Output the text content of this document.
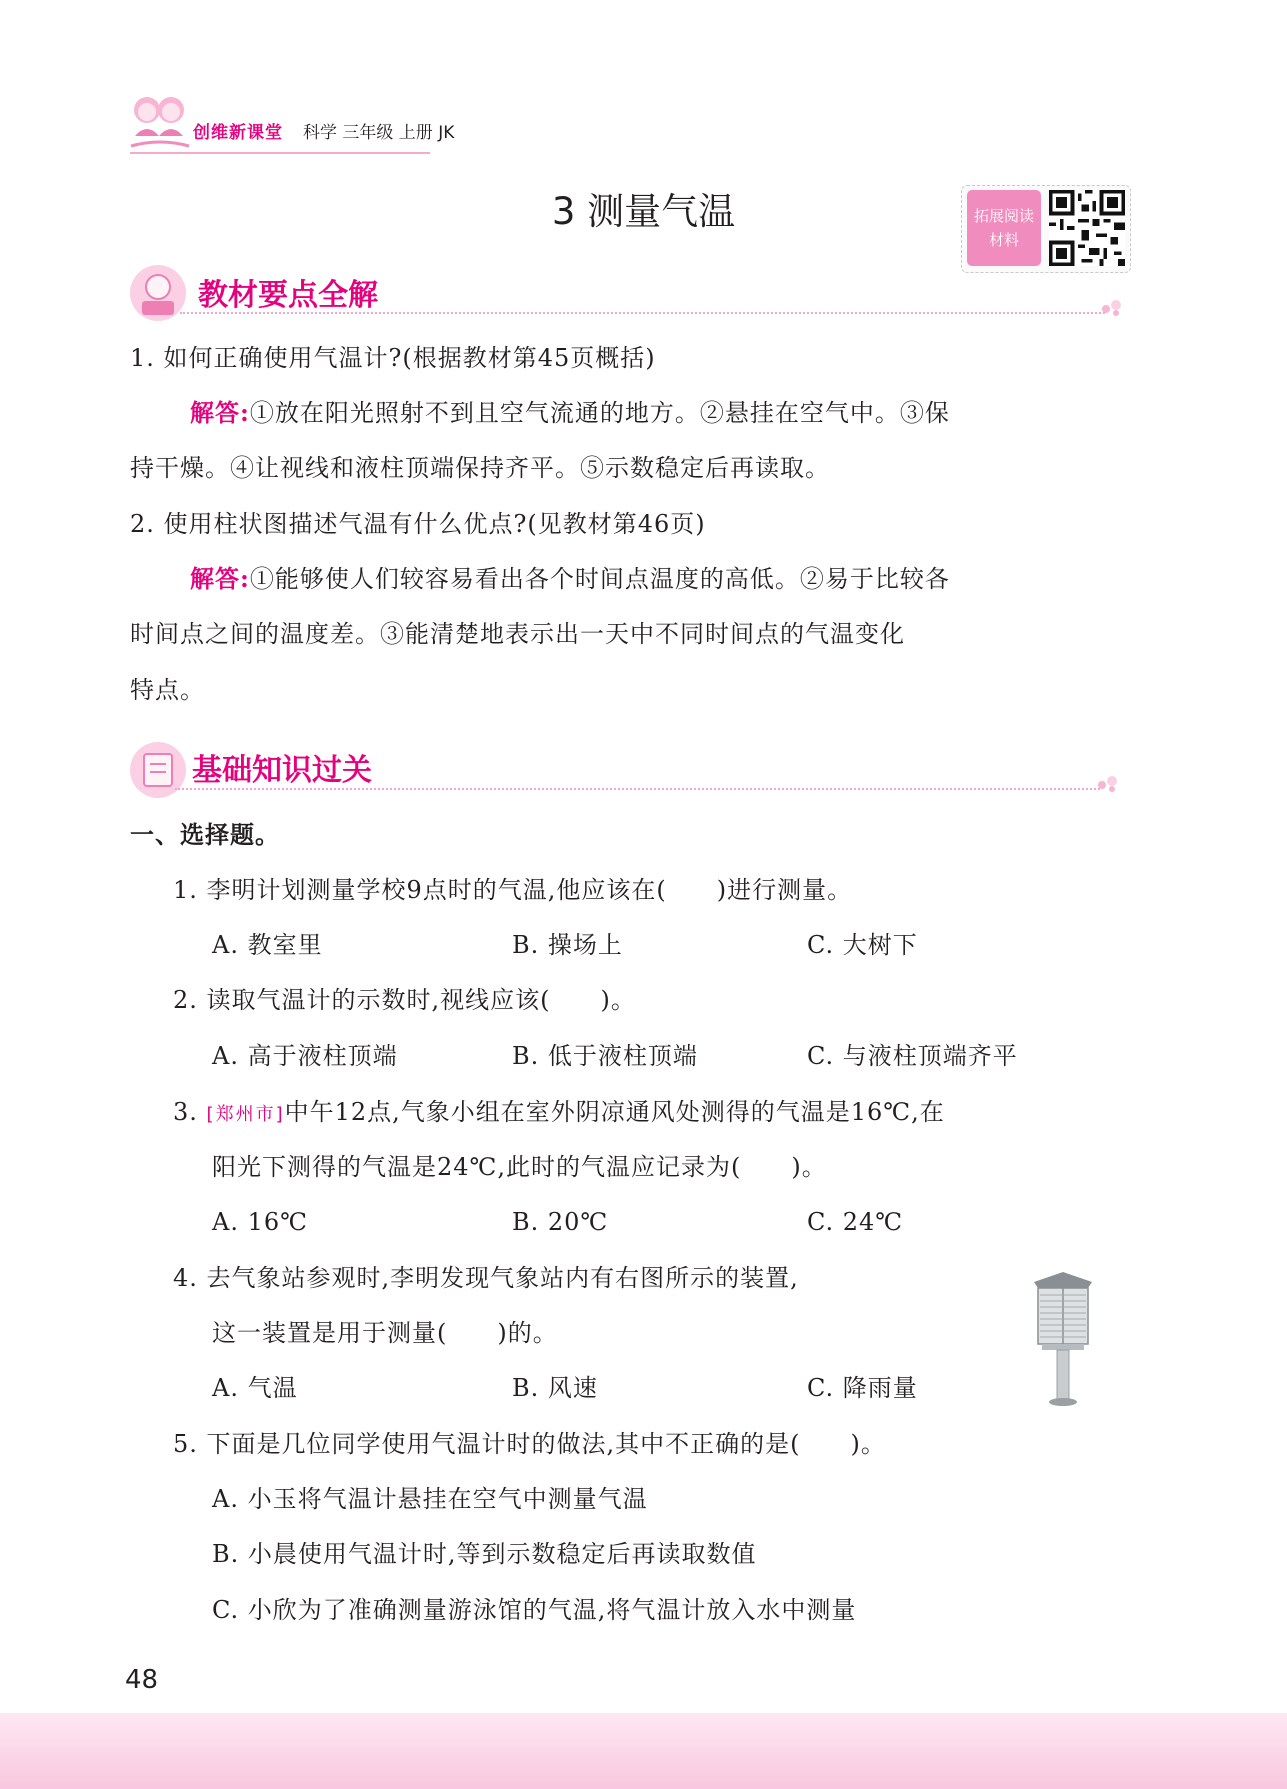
创维新课堂 科学 三年级 上册 JK
3 测量气温	拓展阅读
材料
教材要点全解
1. 如何正确使用气温计?(根据教材第45页概括)
解答:①放在阳光照射不到且空气流通的地方。②悬挂在空气中。③保
持干燥。④让视线和液柱顶端保持齐平。⑤示数稳定后再读取。
2. 使用柱状图描述气温有什么优点?(见教材第46页)
解答:①能够使人们较容易看出各个时间点温度的高低。②易于比较各
时间点之间的温度差。③能清楚地表示出一天中不同时间点的气温变化
特点。
基础知识过关
一、选择题。
1. 李明计划测量学校9点时的气温,他应该在(　　)进行测量。
A. 教室里	B. 操场上	C. 大树下
2. 读取气温计的示数时,视线应该(　　)。
A. 高于液柱顶端	B. 低于液柱顶端	C. 与液柱顶端齐平
3. [郑州市]中午12点,气象小组在室外阴凉通风处测得的气温是16℃,在
阳光下测得的气温是24℃,此时的气温应记录为(　　)。
A. 16℃	B. 20℃	C. 24℃
4. 去气象站参观时,李明发现气象站内有右图所示的装置,
这一装置是用于测量(　　)的。
A. 气温	B. 风速	C. 降雨量
5. 下面是几位同学使用气温计时的做法,其中不正确的是(　　)。
A. 小玉将气温计悬挂在空气中测量气温
B. 小晨使用气温计时,等到示数稳定后再读取数值
C. 小欣为了准确测量游泳馆的气温,将气温计放入水中测量
48
